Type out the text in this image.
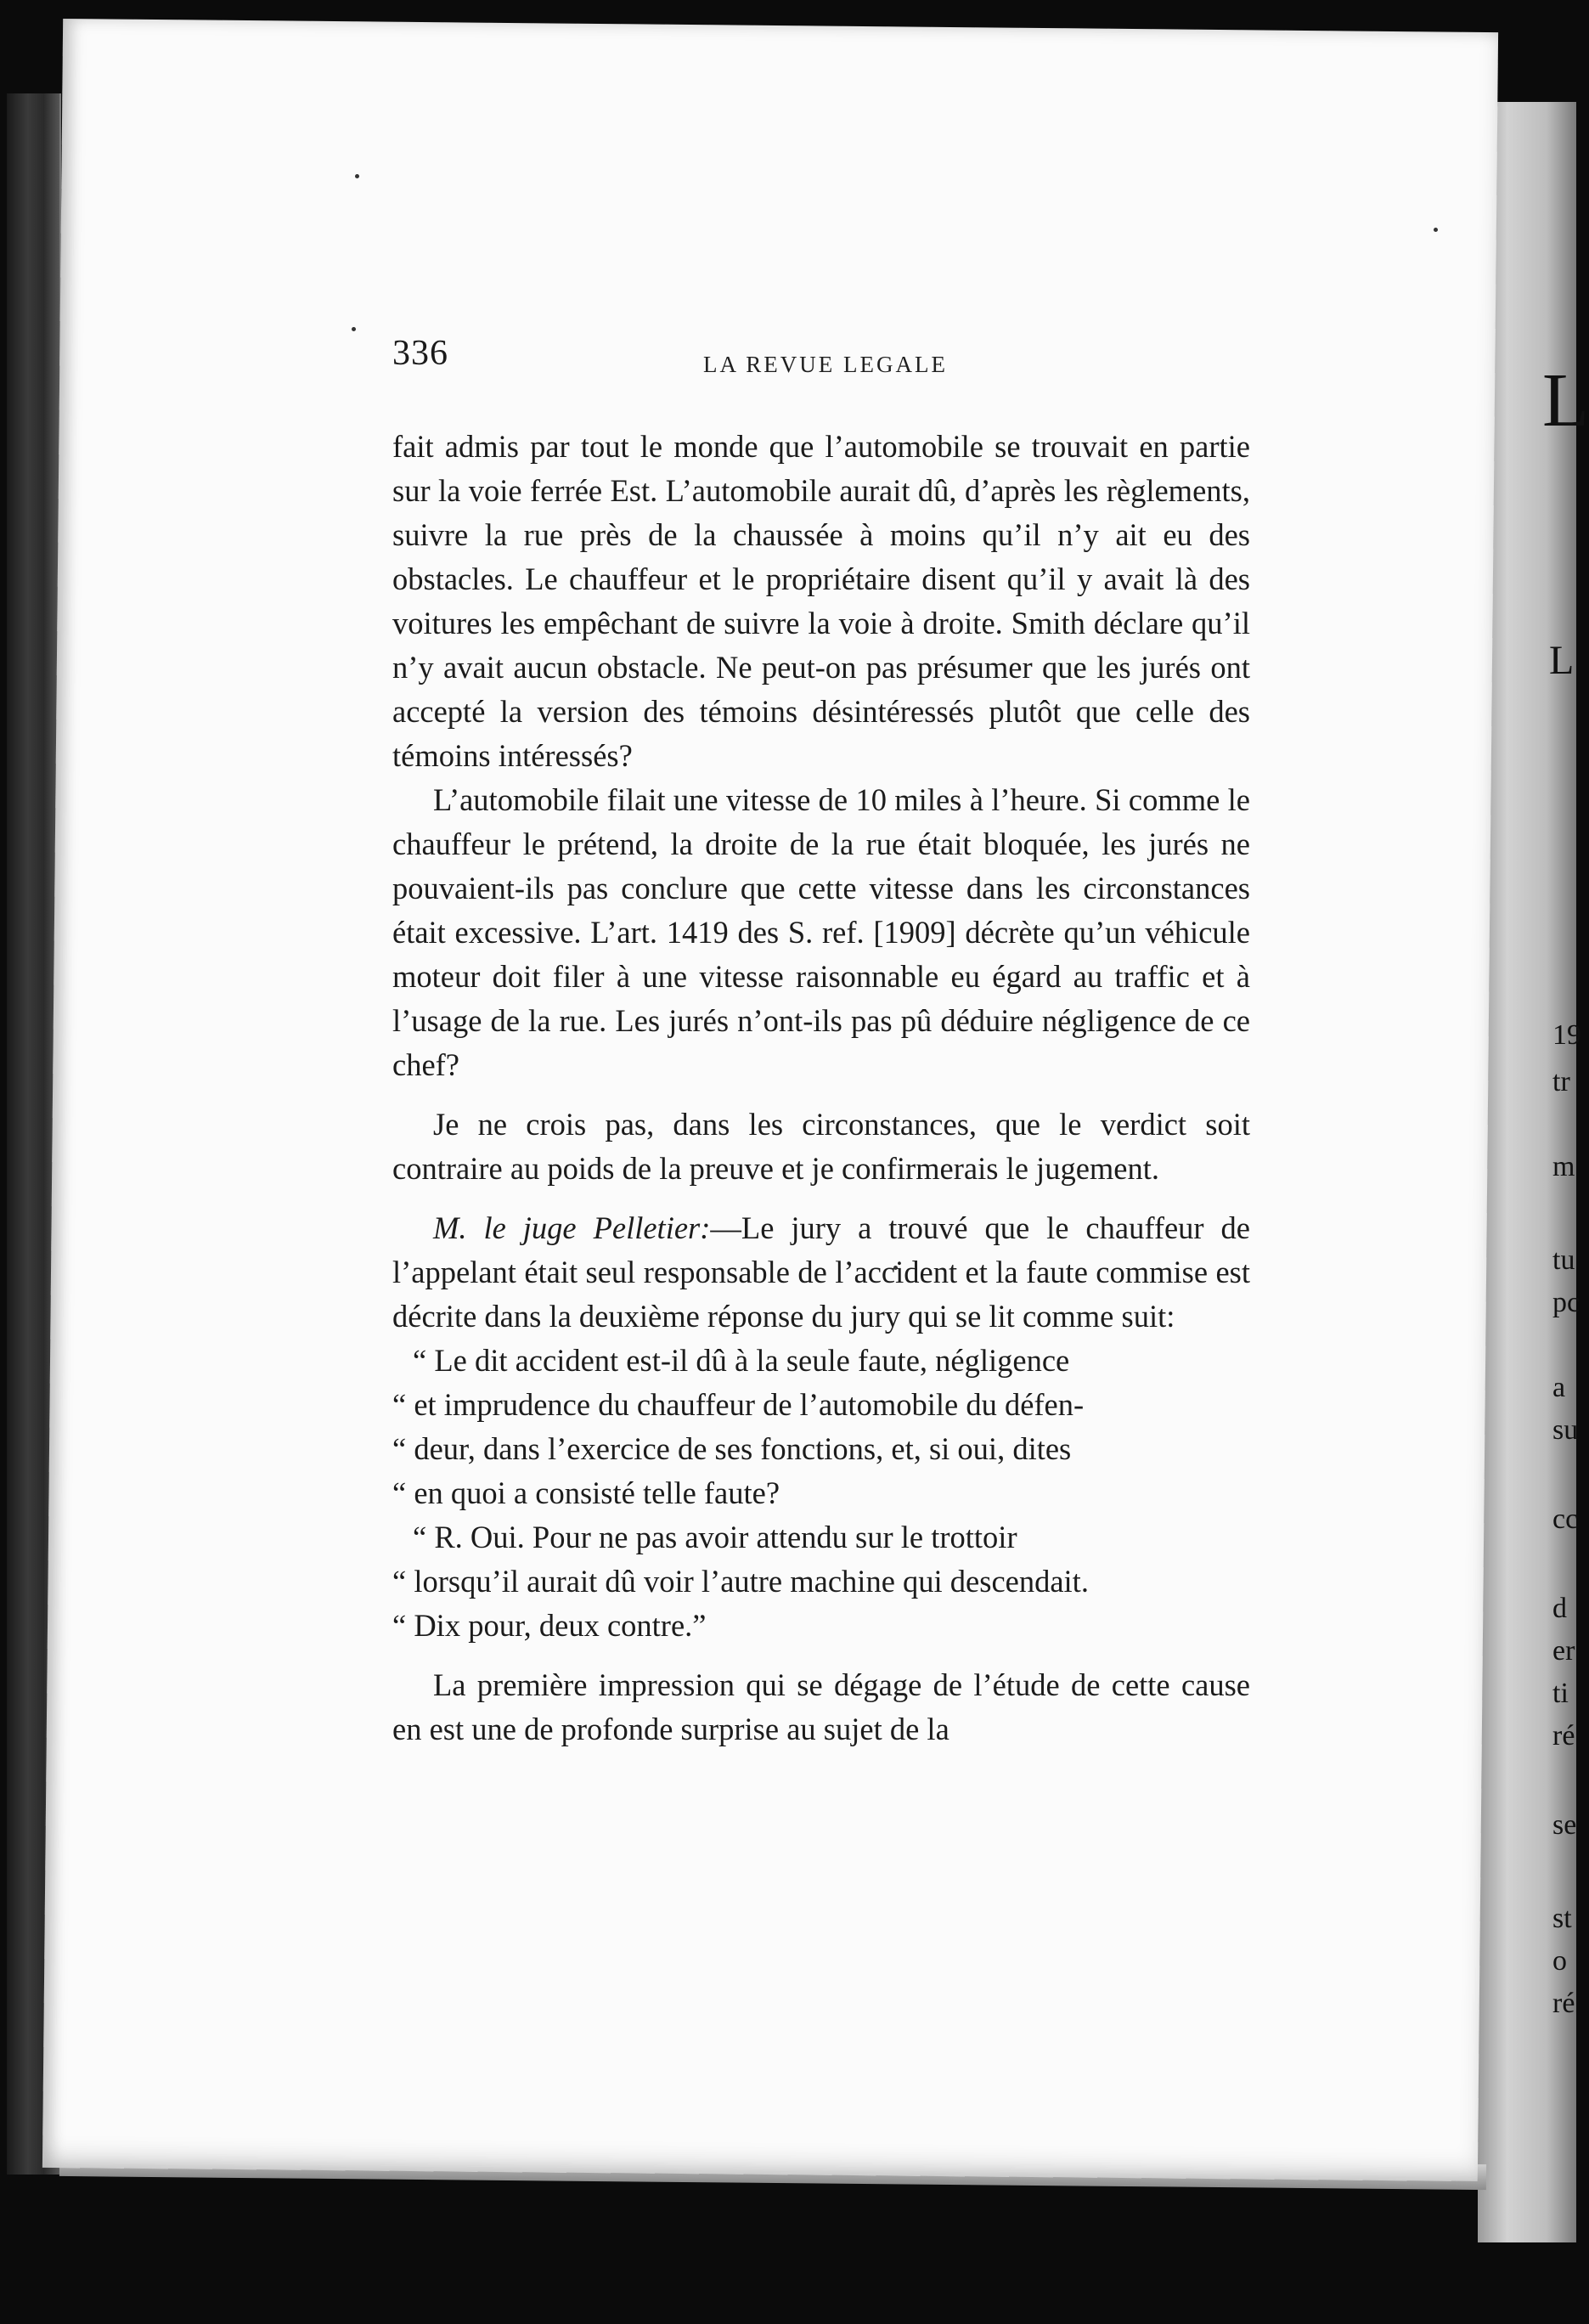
L
L
19
tr
m
tu
pc
a
su
cc
d
er
ti
ré
se
st
o
ré
336	LA REVUE LEGALE

fait admis par tout le monde que l’automobile se trouvait en partie sur la voie ferrée Est. L’automobile aurait dû, d’après les règlements, suivre la rue près de la chaussée à moins qu’il n’y ait eu des obstacles. Le chauffeur et le propriétaire disent qu’il y avait là des voitures les empêchant de suivre la voie à droite. Smith déclare qu’il n’y avait aucun obstacle. Ne peut-on pas présumer que les jurés ont accepté la version des témoins désintéressés plutôt que celle des témoins intéressés?

L’automobile filait une vitesse de 10 miles à l’heure. Si comme le chauffeur le prétend, la droite de la rue était bloquée, les jurés ne pouvaient-ils pas conclure que cette vitesse dans les circonstances était excessive. L’art. 1419 des S. ref. [1909] décrète qu’un véhicule moteur doit filer à une vitesse raisonnable eu égard au traffic et à l’usage de la rue. Les jurés n’ont-ils pas pû déduire négligence de ce chef?

Je ne crois pas, dans les circonstances, que le verdict soit contraire au poids de la preuve et je confirmerais le jugement.

M. le juge Pelletier:—Le jury a trouvé que le chauffeur de l’appelant était seul responsable de l’accident et la faute commise est décrite dans la deuxième réponse du jury qui se lit comme suit:

“ Le dit accident est-il dû à la seule faute, négligence

“ et imprudence du chauffeur de l’automobile du défen-

“ deur, dans l’exercice de ses fonctions, et, si oui, dites

“ en quoi a consisté telle faute?

“ R. Oui. Pour ne pas avoir attendu sur le trottoir

“ lorsqu’il aurait dû voir l’autre machine qui descendait.

“ Dix pour, deux contre.”

La première impression qui se dégage de l’étude de cette cause en est une de profonde surprise au sujet de la
